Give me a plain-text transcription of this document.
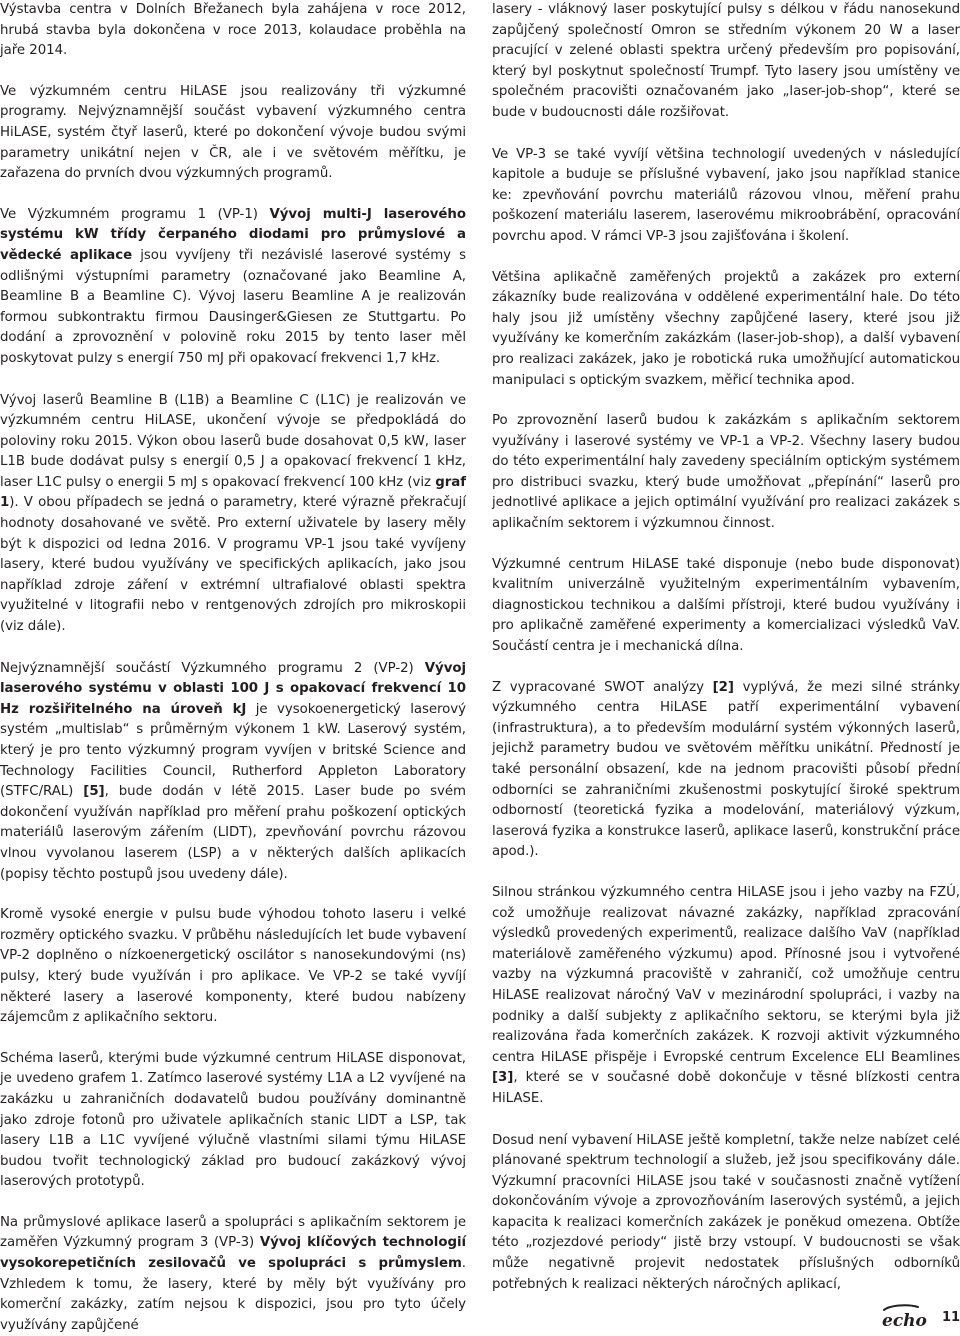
Výstavba centra v Dolních Břežanech byla zahájena v roce 2012, hrubá stavba byla dokončena v roce 2013, kolaudace proběhla na jaře 2014.

Ve výzkumném centru HiLASE jsou realizovány tři výzkumné programy. Nejvýznamnější součást vybavení výzkumného centra HiLASE, systém čtyř laserů, které po dokončení vývoje budou svými parametry unikátní nejen v ČR, ale i ve světovém měřítku, je zařazena do prvních dvou výzkumných programů.

Ve Výzkumném programu 1 (VP-1) Vývoj multi-J laserového systému kW třídy čerpaného diodami pro průmyslové a vědecké aplikace jsou vyvíjeny tři nezávislé laserové systémy s odlišnými výstupními parametry (označované jako Beamline A, Beamline B a Beamline C). Vývoj laseru Beamline A je realizován formou subkontraktu firmou Dausinger&Giesen ze Stuttgartu. Po dodání a zprovoznění v polovině roku 2015 by tento laser měl poskytovat pulzy s energií 750 mJ při opakovací frekvenci 1,7 kHz.

Vývoj laserů Beamline B (L1B) a Beamline C (L1C) je realizován ve výzkumném centru HiLASE, ukončení vývoje se předpokládá do poloviny roku 2015. Výkon obou laserů bude dosahovat 0,5 kW, laser L1B bude dodávat pulsy s energií 0,5 J a opakovací frekvencí 1 kHz, laser L1C pulsy o energii 5 mJ s opakovací frekvencí 100 kHz (viz graf 1). V obou případech se jedná o parametry, které výrazně překračují hodnoty dosahované ve světě. Pro externí uživatele by lasery měly být k dispozici od ledna 2016. V programu VP-1 jsou také vyvíjeny lasery, které budou využívány ve specifických aplikacích, jako jsou například zdroje záření v extrémní ultrafialové oblasti spektra využitelné v litografii nebo v rentgenových zdrojích pro mikroskopii (viz dále).

Nejvýznamnější součástí Výzkumného programu 2 (VP-2) Vývoj laserového systému v oblasti 100 J s opakovací frekvencí 10 Hz rozšiřitelného na úroveň kJ je vysokoenergetický laserový systém „multislab“ s průměrným výkonem 1 kW. Laserový systém, který je pro tento výzkumný program vyvíjen v britské Science and Technology Facilities Council, Rutherford Appleton Laboratory (STFC/RAL) [5], bude dodán v létě 2015. Laser bude po svém dokončení využíván například pro měření prahu poškození optických materiálů laserovým zářením (LIDT), zpevňování povrchu rázovou vlnou vyvolanou laserem (LSP) a v některých dalších aplikacích (popisy těchto postupů jsou uvedeny dále).

Kromě vysoké energie v pulsu bude výhodou tohoto laseru i velké rozměry optického svazku. V průběhu následujících let bude vybavení VP-2 doplněno o nízkoenergetický oscilátor s nanosekundovými (ns) pulsy, který bude využíván i pro aplikace. Ve VP-2 se také vyvíjí některé lasery a laserové komponenty, které budou nabízeny zájemcům z aplikačního sektoru.

Schéma laserů, kterými bude výzkumné centrum HiLASE disponovat, je uvedeno grafem 1. Zatímco laserové systémy L1A a L2 vyvíjené na zakázku u zahraničních dodavatelů budou používány dominantně jako zdroje fotonů pro uživatele aplikačních stanic LIDT a LSP, tak lasery L1B a L1C vyvíjené výlučně vlastními silami týmu HiLASE budou tvořit technologický základ pro budoucí zakázkový vývoj laserových prototypů.

Na průmyslové aplikace laserů a spolupráci s aplikačním sektorem je zaměřen Výzkumný program 3 (VP-3) Vývoj klíčových technologií vysokorepetičních zesilovačů ve spolupráci s průmyslem. Vzhledem k tomu, že lasery, které by měly být využívány pro komerční zakázky, zatím nejsou k dispozici, jsou pro tyto účely využívány zapůjčené

lasery - vláknový laser poskytující pulsy s délkou v řádu nanosekund zapůjčený společností Omron se středním výkonem 20 W a laser pracující v zelené oblasti spektra určený především pro popisování, který byl poskytnut společností Trumpf. Tyto lasery jsou umístěny ve společném pracovišti označovaném jako „laser-job-shop“, které se bude v budoucnosti dále rozšiřovat.

Ve VP-3 se také vyvíjí většina technologií uvedených v následující kapitole a buduje se příslušné vybavení, jako jsou například stanice ke: zpevňování povrchu materiálů rázovou vlnou, měření prahu poškození materiálu laserem, laserovému mikroobrábění, opracování povrchu apod. V rámci VP-3 jsou zajišťována i školení.

Většina aplikačně zaměřených projektů a zakázek pro externí zákazníky bude realizována v oddělené experimentální hale. Do této haly jsou již umístěny všechny zapůjčené lasery, které jsou již využívány ke komerčním zakázkám (laser-job-shop), a další vybavení pro realizaci zakázek, jako je robotická ruka umožňující automatickou manipulaci s optickým svazkem, měřicí technika apod.

Po zprovoznění laserů budou k zakázkám s aplikačním sektorem využívány i laserové systémy ve VP-1 a VP-2. Všechny lasery budou do této experimentální haly zavedeny speciálním optickým systémem pro distribuci svazku, který bude umožňovat „přepínání“ laserů pro jednotlivé aplikace a jejich optimální využívání pro realizaci zakázek s aplikačním sektorem i výzkumnou činnost.

Výzkumné centrum HiLASE také disponuje (nebo bude disponovat) kvalitním univerzálně využitelným experimentálním vybavením, diagnostickou technikou a dalšími přístroji, které budou využívány i pro aplikačně zaměřené experimenty a komercializaci výsledků VaV. Součástí centra je i mechanická dílna.

Z vypracované SWOT analýzy [2] vyplývá, že mezi silné stránky výzkumného centra HiLASE patří experimentální vybavení (infrastruktura), a to především modulární systém výkonných laserů, jejichž parametry budou ve světovém měřítku unikátní. Předností je také personální obsazení, kde na jednom pracovišti působí přední odborníci se zahraničními zkušenostmi poskytující široké spektrum odborností (teoretická fyzika a modelování, materiálový výzkum, laserová fyzika a konstrukce laserů, aplikace laserů, konstrukční práce apod.).

Silnou stránkou výzkumného centra HiLASE jsou i jeho vazby na FZÚ, což umožňuje realizovat návazné zakázky, například zpracování výsledků provedených experimentů, realizace dalšího VaV (například materiálově zaměřeného výzkumu) apod. Přínosné jsou i vytvořené vazby na výzkumná pracoviště v zahraničí, což umožňuje centru HiLASE realizovat náročný VaV v mezinárodní spolupráci, i vazby na podniky a další subjekty z aplikačního sektoru, se kterými byla již realizována řada komerčních zakázek. K rozvoji aktivit výzkumného centra HiLASE přispěje i Evropské centrum Excelence ELI Beamlines [3], které se v současné době dokončuje v těsné blízkosti centra HiLASE.

Dosud není vybavení HiLASE ještě kompletní, takže nelze nabízet celé plánované spektrum technologií a služeb, jež jsou specifikovány dále. Výzkumní pracovníci HiLASE jsou také v současnosti značně vytížení dokončováním vývoje a zprovozňováním laserových systémů, a jejich kapacita k realizaci komerčních zakázek je poněkud omezena. Obtíže této „rozjezdové periody“ jistě brzy vstoupí. V budoucnosti se však může negativně projevit nedostatek příslušných odborníků potřebných k realizaci některých náročných aplikací,

echo 11
